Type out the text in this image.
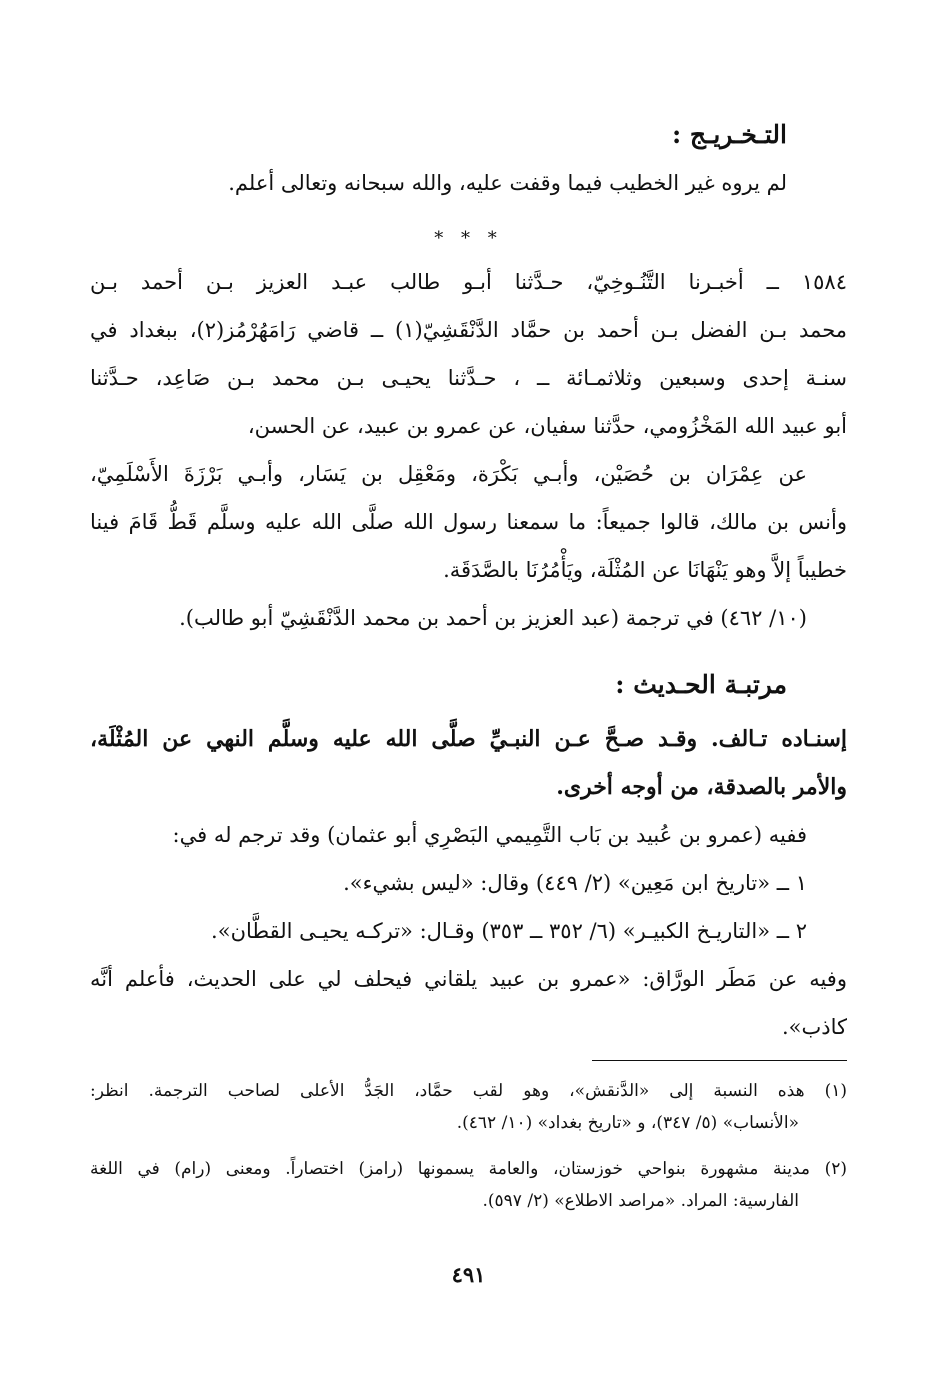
التـخـريـج :
لم يروه غير الخطيب فيما وقفت عليه، والله سبحانه وتعالى أعلم.
* * *
١٥٨٤ ــ أخبـرنا التَّنُـوخِيّ، حـدَّثنا أبـو طالب عبـد العزيز بـن أحمد بـن
محمد بـن الفضل بـن أحمد بن حمَّاد الدَّنْقَشِيّ(١) ــ قاضي رَامَهُرْمُز(٢)، ببغداد في
سنـة إحدى وسبعين وثلاثمـائة ــ ، حـدَّثنا يحيـى بـن محمد بـن صَاعِد، حـدَّثنا
أبو عبيد الله المَخْزُومي، حدَّثنا سفيان، عن عمرو بن عبيد، عن الحسن،
عن عِمْرَان بن حُصَيْن، وأبـي بَكْرَة، ومَعْقِل بن يَسَار، وأبـي بَرْزَةَ الأَسْلَمِيّ،
وأنس بن مالك، قالوا جميعاً: ما سمعنا رسول الله صلَّى الله عليه وسلَّم قَطُّ قَامَ فينا
خطيباً إلاَّ وهو يَنْهَانَا عن المُثْلَة، ويَأْمُرُنَا بالصَّدَقَة.
(١٠/ ٤٦٢) في ترجمة (عبد العزيز بن أحمد بن محمد الدَّنْقَشِيّ أبو طالب).
مرتبـة الحـديث :
إسنـاده تـالف. وقـد صـحَّ عـن النبـيِّ صلَّى الله عليه وسلَّم النهي عن المُثْلَة،
والأمر بالصدقة، من أوجه أخرى.
ففيه (عمرو بن عُبيد بن بَاب التَّمِيمي البَصْرِي أبو عثمان) وقد ترجم له في:
١ ــ «تاريخ ابن مَعِين» (٢/ ٤٤٩) وقال: «ليس بشيء».
٢ ــ «التاريـخ الكبيـر» (٦/ ٣٥٢ ــ ٣٥٣) وقـال: «تركـه يحيـى القطَّان».
وفيه عن مَطَر الورَّاق: «عمرو بن عبيد يلقاني فيحلف لي على الحديث، فأعلم أنَّه
كاذب».
(١) هذه النسبة إلى «الدَّنقش»، وهو لقب حمَّاد، الجَدُّ الأعلى لصاحب الترجمة. انظر:
«الأنساب» (٥/ ٣٤٧)، و «تاريخ بغداد» (١٠/ ٤٦٢).
(٢) مدينة مشهورة بنواحي خوزستان، والعامة يسمونها (رامز) اختصاراً. ومعنى (رام) في اللغة
الفارسية: المراد. «مراصد الاطلاع» (٢/ ٥٩٧).
٤٩١
